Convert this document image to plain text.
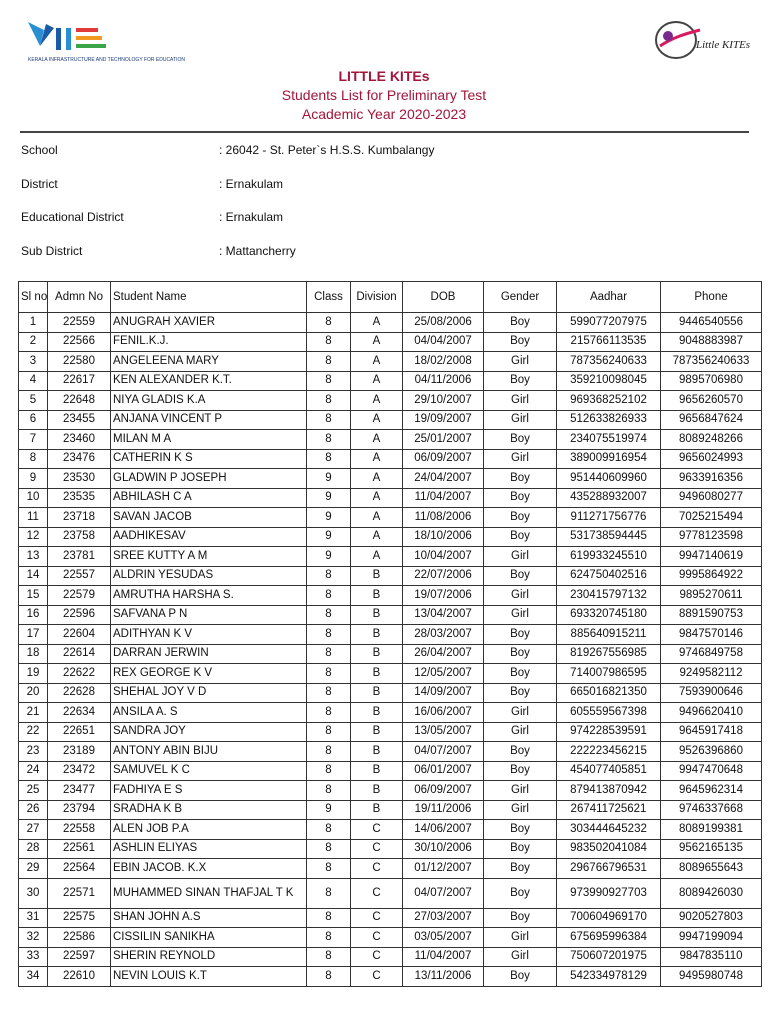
KERALA INFRASTRUCTURE AND TECHNOLOGY FOR EDUCATION
Little KITEs
LITTLE KITEs
Students List for Preliminary Test
Academic Year 2020-2023
School	: 26042 - St. Peter`s H.S.S. Kumbalangy
District	: Ernakulam
Educational District	: Ernakulam
Sub District	: Mattancherry
Sl no	Admn No	Student Name	Class	Division	DOB	Gender	Aadhar	Phone
1	22559	ANUGRAH XAVIER	8	A	25/08/2006	Boy	599077207975	9446540556
2	22566	FENIL.K.J.	8	A	04/04/2007	Boy	215766113535	9048883987
3	22580	ANGELEENA MARY	8	A	18/02/2008	Girl	787356240633	787356240633
4	22617	KEN ALEXANDER K.T.	8	A	04/11/2006	Boy	359210098045	9895706980
5	22648	NIYA GLADIS K.A	8	A	29/10/2007	Girl	969368252102	9656260570
6	23455	ANJANA VINCENT P	8	A	19/09/2007	Girl	512633826933	9656847624
7	23460	MILAN M A	8	A	25/01/2007	Boy	234075519974	8089248266
8	23476	CATHERIN K S	8	A	06/09/2007	Girl	389009916954	9656024993
9	23530	GLADWIN P JOSEPH	9	A	24/04/2007	Boy	951440609960	9633916356
10	23535	ABHILASH C A	9	A	11/04/2007	Boy	435288932007	9496080277
11	23718	SAVAN JACOB	9	A	11/08/2006	Boy	911271756776	7025215494
12	23758	AADHIKESAV	9	A	18/10/2006	Boy	531738594445	9778123598
13	23781	SREE KUTTY A M	9	A	10/04/2007	Girl	619933245510	9947140619
14	22557	ALDRIN YESUDAS	8	B	22/07/2006	Boy	624750402516	9995864922
15	22579	AMRUTHA HARSHA S.	8	B	19/07/2006	Girl	230415797132	9895270611
16	22596	SAFVANA P N	8	B	13/04/2007	Girl	693320745180	8891590753
17	22604	ADITHYAN K V	8	B	28/03/2007	Boy	885640915211	9847570146
18	22614	DARRAN JERWIN	8	B	26/04/2007	Boy	819267556985	9746849758
19	22622	REX GEORGE K V	8	B	12/05/2007	Boy	714007986595	9249582112
20	22628	SHEHAL JOY V D	8	B	14/09/2007	Boy	665016821350	7593900646
21	22634	ANSILA A. S	8	B	16/06/2007	Girl	605559567398	9496620410
22	22651	SANDRA JOY	8	B	13/05/2007	Girl	974228539591	9645917418
23	23189	ANTONY ABIN BIJU	8	B	04/07/2007	Boy	222223456215	9526396860
24	23472	SAMUVEL K C	8	B	06/01/2007	Boy	454077405851	9947470648
25	23477	FADHIYA E S	8	B	06/09/2007	Girl	879413870942	9645962314
26	23794	SRADHA K B	9	B	19/11/2006	Girl	267411725621	9746337668
27	22558	ALEN JOB P.A	8	C	14/06/2007	Boy	303444645232	8089199381
28	22561	ASHLIN ELIYAS	8	C	30/10/2006	Boy	983502041084	9562165135
29	22564	EBIN JACOB. K.X	8	C	01/12/2007	Boy	296766796531	8089655643
30	22571	MUHAMMED SINAN THAFJAL T K	8	C	04/07/2007	Boy	973990927703	8089426030
31	22575	SHAN JOHN A.S	8	C	27/03/2007	Boy	700604969170	9020527803
32	22586	CISSILIN SANIKHA	8	C	03/05/2007	Girl	675695996384	9947199094
33	22597	SHERIN REYNOLD	8	C	11/04/2007	Girl	750607201975	9847835110
34	22610	NEVIN LOUIS K.T	8	C	13/11/2006	Boy	542334978129	9495980748
